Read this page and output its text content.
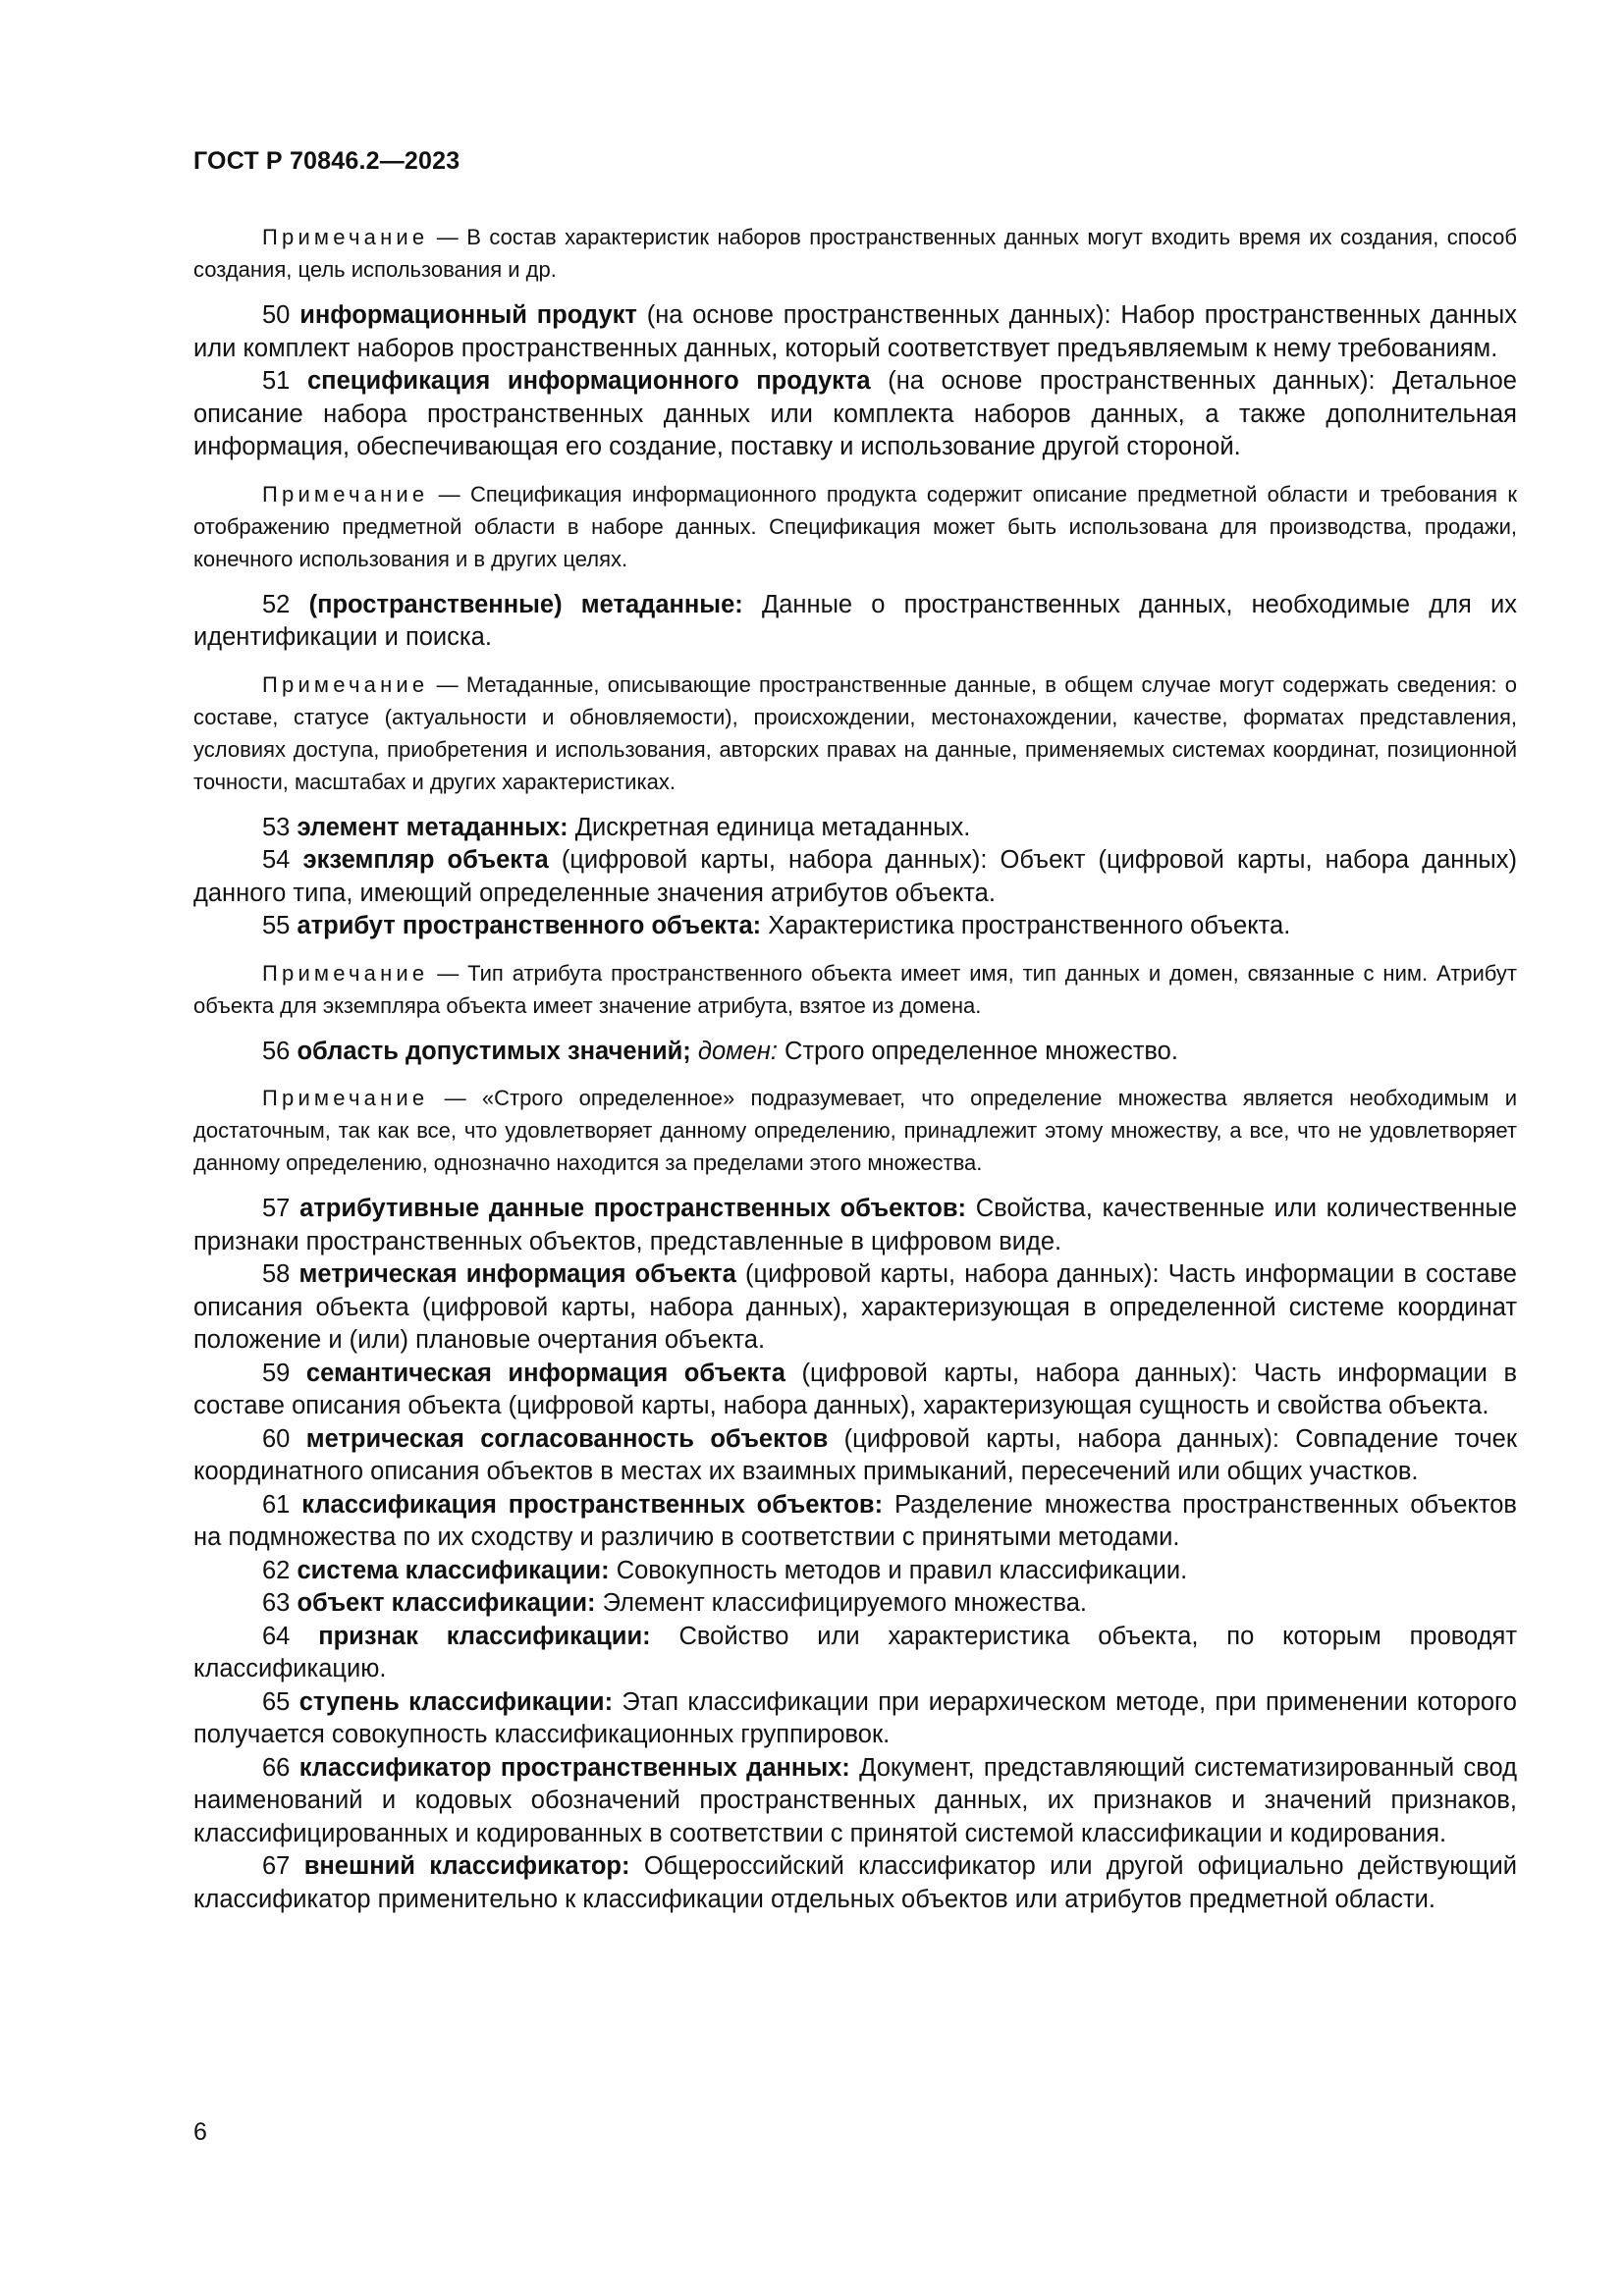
ГОСТ Р 70846.2—2023

Примечание — В состав характеристик наборов пространственных данных могут входить время их создания, способ создания, цель использования и др.

50 информационный продукт (на основе пространственных данных): Набор пространственных данных или комплект наборов пространственных данных, который соответствует предъявляемым к нему требованиям.

51 спецификация информационного продукта (на основе пространственных данных): Детальное описание набора пространственных данных или комплекта наборов данных, а также дополнительная информация, обеспечивающая его создание, поставку и использование другой стороной.

Примечание — Спецификация информационного продукта содержит описание предметной области и требования к отображению предметной области в наборе данных. Спецификация может быть использована для производства, продажи, конечного использования и в других целях.

52 (пространственные) метаданные: Данные о пространственных данных, необходимые для их идентификации и поиска.

Примечание — Метаданные, описывающие пространственные данные, в общем случае могут содержать сведения: о составе, статусе (актуальности и обновляемости), происхождении, местонахождении, качестве, форматах представления, условиях доступа, приобретения и использования, авторских правах на данные, применяемых системах координат, позиционной точности, масштабах и других характеристиках.

53 элемент метаданных: Дискретная единица метаданных.

54 экземпляр объекта (цифровой карты, набора данных): Объект (цифровой карты, набора данных) данного типа, имеющий определенные значения атрибутов объекта.

55 атрибут пространственного объекта: Характеристика пространственного объекта.

Примечание — Тип атрибута пространственного объекта имеет имя, тип данных и домен, связанные с ним. Атрибут объекта для экземпляра объекта имеет значение атрибута, взятое из домена.

56 область допустимых значений; домен: Строго определенное множество.

Примечание — «Строго определенное» подразумевает, что определение множества является необходимым и достаточным, так как все, что удовлетворяет данному определению, принадлежит этому множеству, а все, что не удовлетворяет данному определению, однозначно находится за пределами этого множества.

57 атрибутивные данные пространственных объектов: Свойства, качественные или количественные признаки пространственных объектов, представленные в цифровом виде.

58 метрическая информация объекта (цифровой карты, набора данных): Часть информации в составе описания объекта (цифровой карты, набора данных), характеризующая в определенной системе координат положение и (или) плановые очертания объекта.

59 семантическая информация объекта (цифровой карты, набора данных): Часть информации в составе описания объекта (цифровой карты, набора данных), характеризующая сущность и свойства объекта.

60 метрическая согласованность объектов (цифровой карты, набора данных): Совпадение точек координатного описания объектов в местах их взаимных примыканий, пересечений или общих участков.

61 классификация пространственных объектов: Разделение множества пространственных объектов на подмножества по их сходству и различию в соответствии с принятыми методами.

62 система классификации: Совокупность методов и правил классификации.

63 объект классификации: Элемент классифицируемого множества.

64 признак классификации: Свойство или характеристика объекта, по которым проводят классификацию.

65 ступень классификации: Этап классификации при иерархическом методе, при применении которого получается совокупность классификационных группировок.

66 классификатор пространственных данных: Документ, представляющий систематизированный свод наименований и кодовых обозначений пространственных данных, их признаков и значений признаков, классифицированных и кодированных в соответствии с принятой системой классификации и кодирования.

67 внешний классификатор: Общероссийский классификатор или другой официально действующий классификатор применительно к классификации отдельных объектов или атрибутов предметной области.

6
